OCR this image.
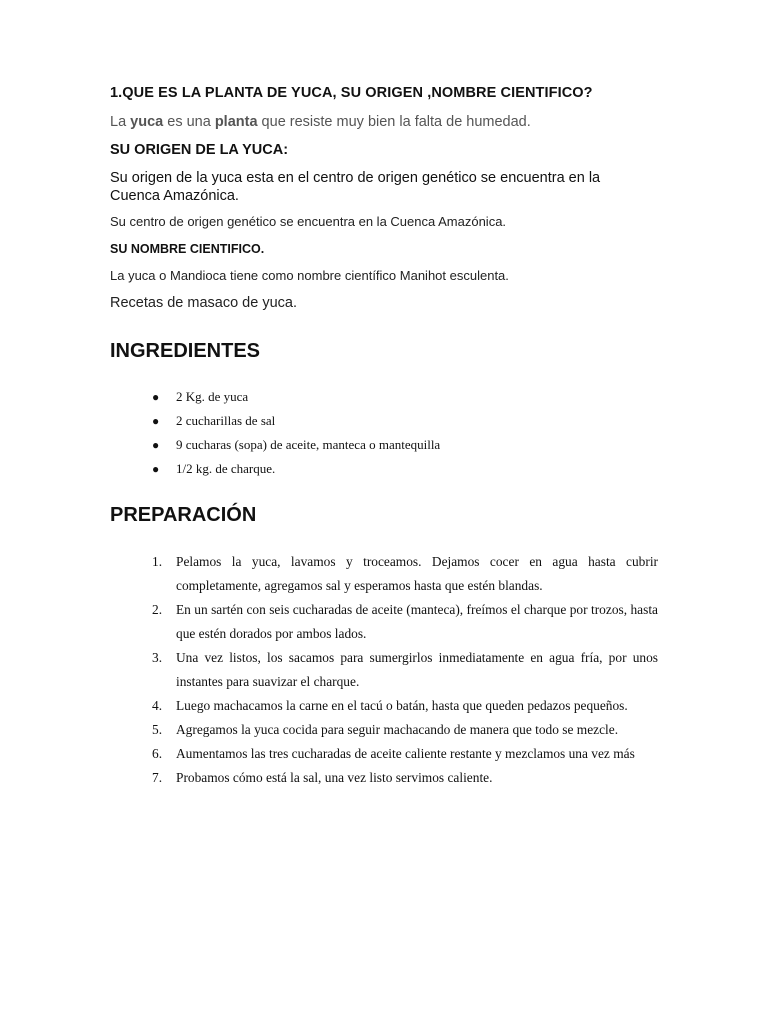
1.QUE ES LA PLANTA DE YUCA, SU ORIGEN ,NOMBRE CIENTIFICO?

La yuca es una planta que resiste muy bien la falta de humedad.

SU ORIGEN DE LA YUCA:

Su origen de la yuca esta en el centro de origen genético se encuentra en la Cuenca Amazónica.

Su centro de origen genético se encuentra en la Cuenca Amazónica.

SU NOMBRE CIENTIFICO.

La yuca o Mandioca tiene como nombre científico Manihot esculenta.

Recetas de masaco de yuca.

INGREDIENTES
● 2 Kg. de yuca
● 2 cucharillas de sal
● 9 cucharas (sopa) de aceite, manteca o mantequilla
● 1/2 kg. de charque.
PREPARACIÓN
1. Pelamos la yuca, lavamos y troceamos. Dejamos cocer en agua hasta cubrir completamente, agregamos sal y esperamos hasta que estén blandas.
2. En un sartén con seis cucharadas de aceite (manteca), freímos el charque por trozos, hasta que estén dorados por ambos lados.
3. Una vez listos, los sacamos para sumergirlos inmediatamente en agua fría, por unos instantes para suavizar el charque.
4. Luego machacamos la carne en el tacú o batán, hasta que queden pedazos pequeños.
5. Agregamos la yuca cocida para seguir machacando de manera que todo se mezcle.
6. Aumentamos las tres cucharadas de aceite caliente restante y mezclamos una vez más
7. Probamos cómo está la sal, una vez listo servimos caliente.
